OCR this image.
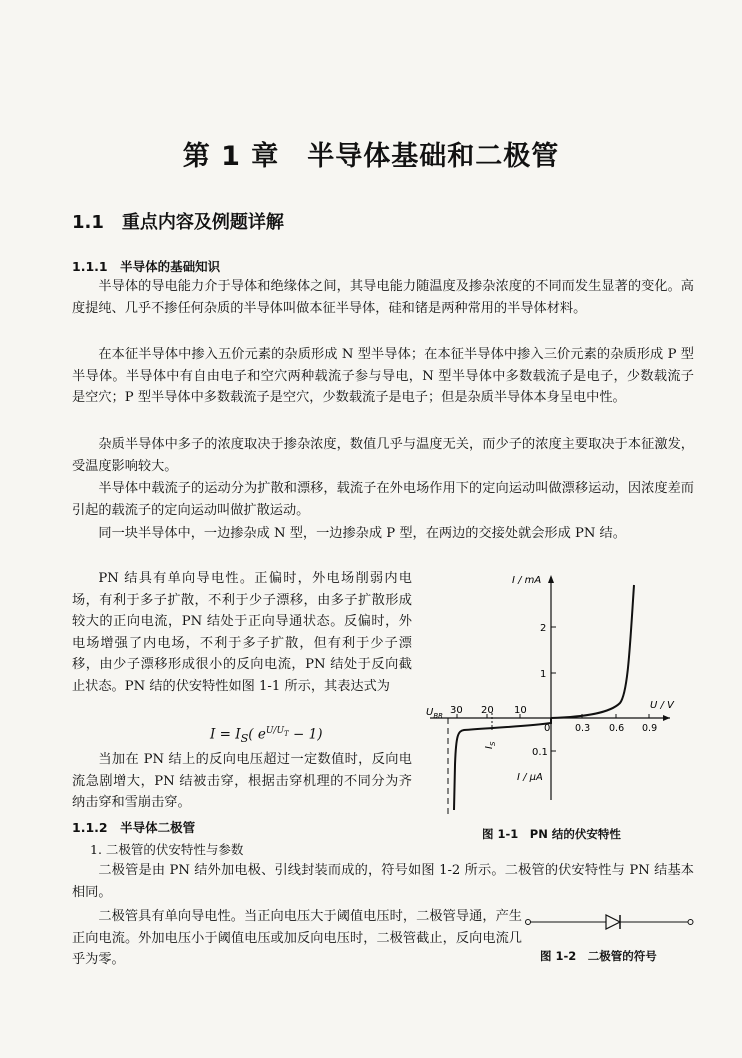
第 1 章　半导体基础和二极管
1.1　重点内容及例题详解
1.1.1　半导体的基础知识
半导体的导电能力介于导体和绝缘体之间，其导电能力随温度及掺杂浓度的不同而发生显著的变化。高度提纯、几乎不掺任何杂质的半导体叫做本征半导体，硅和锗是两种常用的半导体材料。
在本征半导体中掺入五价元素的杂质形成 N 型半导体；在本征半导体中掺入三价元素的杂质形成 P 型半导体。半导体中有自由电子和空穴两种载流子参与导电，N 型半导体中多数载流子是电子，少数载流子是空穴；P 型半导体中多数载流子是空穴，少数载流子是电子；但是杂质半导体本身呈电中性。
杂质半导体中多子的浓度取决于掺杂浓度，数值几乎与温度无关，而少子的浓度主要取决于本征激发，受温度影响较大。
半导体中载流子的运动分为扩散和漂移，载流子在外电场作用下的定向运动叫做漂移运动，因浓度差而引起的载流子的定向运动叫做扩散运动。
同一块半导体中，一边掺杂成 N 型，一边掺杂成 P 型，在两边的交接处就会形成 PN 结。
PN 结具有单向导电性。正偏时，外电场削弱内电场，有利于多子扩散，不利于少子漂移，由多子扩散形成较大的正向电流，PN 结处于正向导通状态。反偏时，外电场增强了内电场，不利于多子扩散，但有利于少子漂移，由少子漂移形成很小的反向电流，PN 结处于反向截止状态。PN 结的伏安特性如图 1-1 所示，其表达式为
$I = I_S$( $e^{U/U_T} - 1$)
当加在 PN 结上的反向电压超过一定数值时，反向电流急剧增大，PN 结被击穿，根据击穿机理的不同分为齐纳击穿和雪崩击穿。
1.1.2　半导体二极管
1. 二极管的伏安特性与参数
二极管是由 PN 结外加电极、引线封装而成的，符号如图 1-2 所示。二极管的伏安特性与 PN 结基本相同。
二极管具有单向导电性。当正向电压大于阈值电压时，二极管导通，产生正向电流。外加电压小于阈值电压或加反向电压时，二极管截止，反向电流几乎为零。
I / mA
I / μA
U / V
2
1
0.1
0	0.3 0.6 0.9
30 20 10
$U_{BR}$
$I_S$
图 1-1　PN 结的伏安特性
图 1-2　二极管的符号
